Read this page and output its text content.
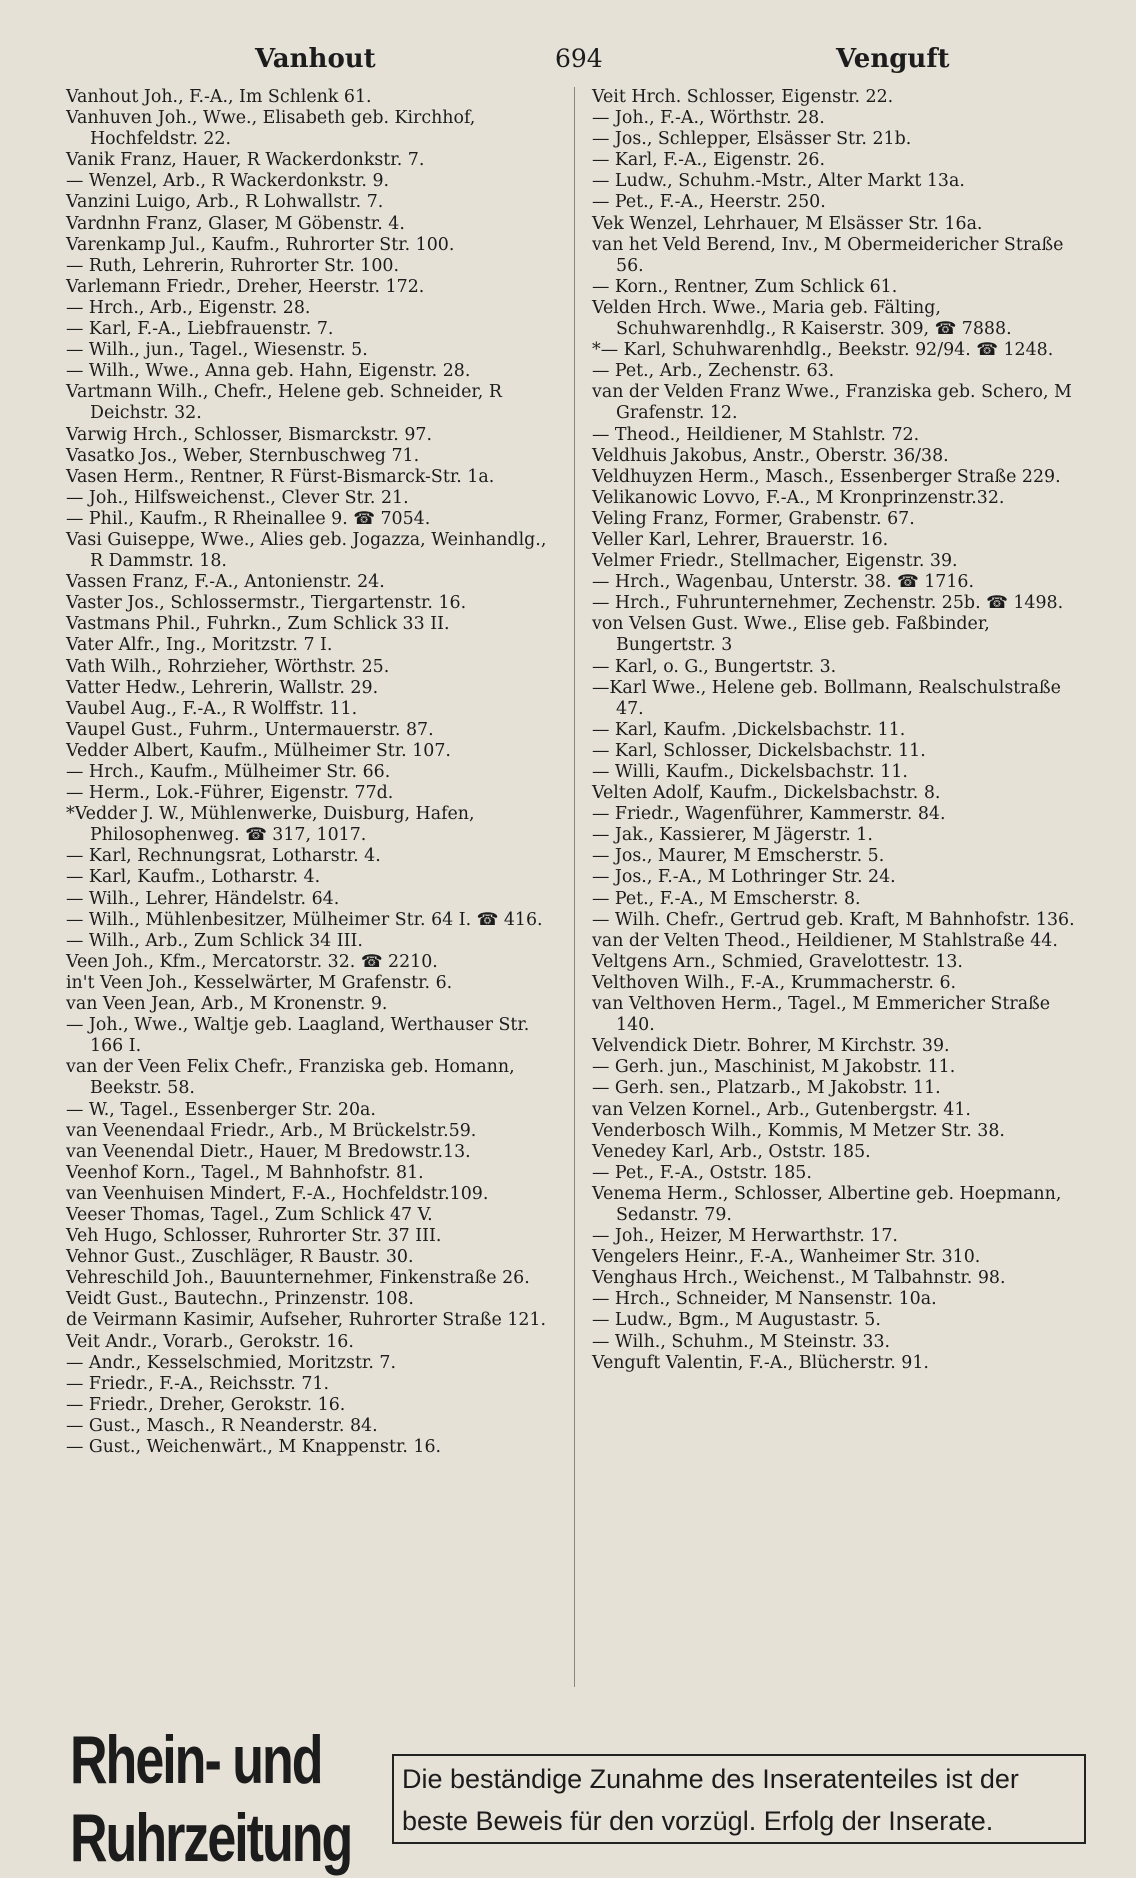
Vanhout	694	Venguft

Vanhout Joh., F.-A., Im Schlenk 61.

Vanhuven Joh., Wwe., Elisabeth geb. Kirchhof, Hochfeldstr. 22.

Vanik Franz, Hauer, R Wackerdonkstr. 7.

— Wenzel, Arb., R Wackerdonkstr. 9.

Vanzini Luigo, Arb., R Lohwallstr. 7.

Vardnhn Franz, Glaser, M Göbenstr. 4.

Varenkamp Jul., Kaufm., Ruhrorter Str. 100.

— Ruth, Lehrerin, Ruhrorter Str. 100.

Varlemann Friedr., Dreher, Heerstr. 172.

— Hrch., Arb., Eigenstr. 28.

— Karl, F.-A., Liebfrauenstr. 7.

— Wilh., jun., Tagel., Wiesenstr. 5.

— Wilh., Wwe., Anna geb. Hahn, Eigenstr. 28.

Vartmann Wilh., Chefr., Helene geb. Schneider, R Deichstr. 32.

Varwig Hrch., Schlosser, Bismarckstr. 97.

Vasatko Jos., Weber, Sternbuschweg 71.

Vasen Herm., Rentner, R Fürst-Bismarck-Str. 1a.

— Joh., Hilfsweichenst., Clever Str. 21.

— Phil., Kaufm., R Rheinallee 9. ☎ 7054.

Vasi Guiseppe, Wwe., Alies geb. Jogazza, Weinhandlg., R Dammstr. 18.

Vassen Franz, F.-A., Antonienstr. 24.

Vaster Jos., Schlossermstr., Tiergartenstr. 16.

Vastmans Phil., Fuhrkn., Zum Schlick 33 II.

Vater Alfr., Ing., Moritzstr. 7 I.

Vath Wilh., Rohrzieher, Wörthstr. 25.

Vatter Hedw., Lehrerin, Wallstr. 29.

Vaubel Aug., F.-A., R Wolffstr. 11.

Vaupel Gust., Fuhrm., Untermauerstr. 87.

Vedder Albert, Kaufm., Mülheimer Str. 107.

— Hrch., Kaufm., Mülheimer Str. 66.

— Herm., Lok.-Führer, Eigenstr. 77d.

*Vedder J. W., Mühlenwerke, Duisburg, Hafen, Philosophenweg. ☎ 317, 1017.

— Karl, Rechnungsrat, Lotharstr. 4.

— Karl, Kaufm., Lotharstr. 4.

— Wilh., Lehrer, Händelstr. 64.

— Wilh., Mühlenbesitzer, Mülheimer Str. 64 I. ☎ 416.

— Wilh., Arb., Zum Schlick 34 III.

Veen Joh., Kfm., Mercatorstr. 32. ☎ 2210.

in't Veen Joh., Kesselwärter, M Grafenstr. 6.

van Veen Jean, Arb., M Kronenstr. 9.

— Joh., Wwe., Waltje geb. Laagland, Werthauser Str. 166 I.

van der Veen Felix Chefr., Franziska geb. Homann, Beekstr. 58.

— W., Tagel., Essenberger Str. 20a.

van Veenendaal Friedr., Arb., M Brückelstr.59.

van Veenendal Dietr., Hauer, M Bredowstr.13.

Veenhof Korn., Tagel., M Bahnhofstr. 81.

van Veenhuisen Mindert, F.-A., Hochfeldstr.109.

Veeser Thomas, Tagel., Zum Schlick 47 V.

Veh Hugo, Schlosser, Ruhrorter Str. 37 III.

Vehnor Gust., Zuschläger, R Baustr. 30.

Vehreschild Joh., Bauunternehmer, Finkenstraße 26.

Veidt Gust., Bautechn., Prinzenstr. 108.

de Veirmann Kasimir, Aufseher, Ruhrorter Straße 121.

Veit Andr., Vorarb., Gerokstr. 16.

— Andr., Kesselschmied, Moritzstr. 7.

— Friedr., F.-A., Reichsstr. 71.

— Friedr., Dreher, Gerokstr. 16.

— Gust., Masch., R Neanderstr. 84.

— Gust., Weichenwärt., M Knappenstr. 16.

Veit Hrch. Schlosser, Eigenstr. 22.

— Joh., F.-A., Wörthstr. 28.

— Jos., Schlepper, Elsässer Str. 21b.

— Karl, F.-A., Eigenstr. 26.

— Ludw., Schuhm.-Mstr., Alter Markt 13a.

— Pet., F.-A., Heerstr. 250.

Vek Wenzel, Lehrhauer, M Elsässer Str. 16a.

van het Veld Berend, Inv., M Obermeidericher Straße 56.

— Korn., Rentner, Zum Schlick 61.

Velden Hrch. Wwe., Maria geb. Fälting, Schuhwarenhdlg., R Kaiserstr. 309, ☎ 7888.

*— Karl, Schuhwarenhdlg., Beekstr. 92/94. ☎ 1248.

— Pet., Arb., Zechenstr. 63.

van der Velden Franz Wwe., Franziska geb. Schero, M Grafenstr. 12.

— Theod., Heildiener, M Stahlstr. 72.

Veldhuis Jakobus, Anstr., Oberstr. 36/38.

Veldhuyzen Herm., Masch., Essenberger Straße 229.

Velikanowic Lovvo, F.-A., M Kronprinzenstr.32.

Veling Franz, Former, Grabenstr. 67.

Veller Karl, Lehrer, Brauerstr. 16.

Velmer Friedr., Stellmacher, Eigenstr. 39.

— Hrch., Wagenbau, Unterstr. 38. ☎ 1716.

— Hrch., Fuhrunternehmer, Zechenstr. 25b. ☎ 1498.

von Velsen Gust. Wwe., Elise geb. Faßbinder, Bungertstr. 3

— Karl, o. G., Bungertstr. 3.

—Karl Wwe., Helene geb. Bollmann, Realschulstraße 47.

— Karl, Kaufm. ,Dickelsbachstr. 11.

— Karl, Schlosser, Dickelsbachstr. 11.

— Willi, Kaufm., Dickelsbachstr. 11.

Velten Adolf, Kaufm., Dickelsbachstr. 8.

— Friedr., Wagenführer, Kammerstr. 84.

— Jak., Kassierer, M Jägerstr. 1.

— Jos., Maurer, M Emscherstr. 5.

— Jos., F.-A., M Lothringer Str. 24.

— Pet., F.-A., M Emscherstr. 8.

— Wilh. Chefr., Gertrud geb. Kraft, M Bahnhofstr. 136.

van der Velten Theod., Heildiener, M Stahlstraße 44.

Veltgens Arn., Schmied, Gravelottestr. 13.

Velthoven Wilh., F.-A., Krummacherstr. 6.

van Velthoven Herm., Tagel., M Emmericher Straße 140.

Velvendick Dietr. Bohrer, M Kirchstr. 39.

— Gerh. jun., Maschinist, M Jakobstr. 11.

— Gerh. sen., Platzarb., M Jakobstr. 11.

van Velzen Kornel., Arb., Gutenbergstr. 41.

Venderbosch Wilh., Kommis, M Metzer Str. 38.

Venedey Karl, Arb., Oststr. 185.

— Pet., F.-A., Oststr. 185.

Venema Herm., Schlosser, Albertine geb. Hoepmann, Sedanstr. 79.

— Joh., Heizer, M Herwarthstr. 17.

Vengelers Heinr., F.-A., Wanheimer Str. 310.

Venghaus Hrch., Weichenst., M Talbahnstr. 98.

— Hrch., Schneider, M Nansenstr. 10a.

— Ludw., Bgm., M Augustastr. 5.

— Wilh., Schuhm., M Steinstr. 33.

Venguft Valentin, F.-A., Blücherstr. 91.

Rhein- und Ruhrzeitung
Die beständige Zunahme des Inseratenteiles ist der
beste Beweis für den vorzügl. Erfolg der Inserate.
